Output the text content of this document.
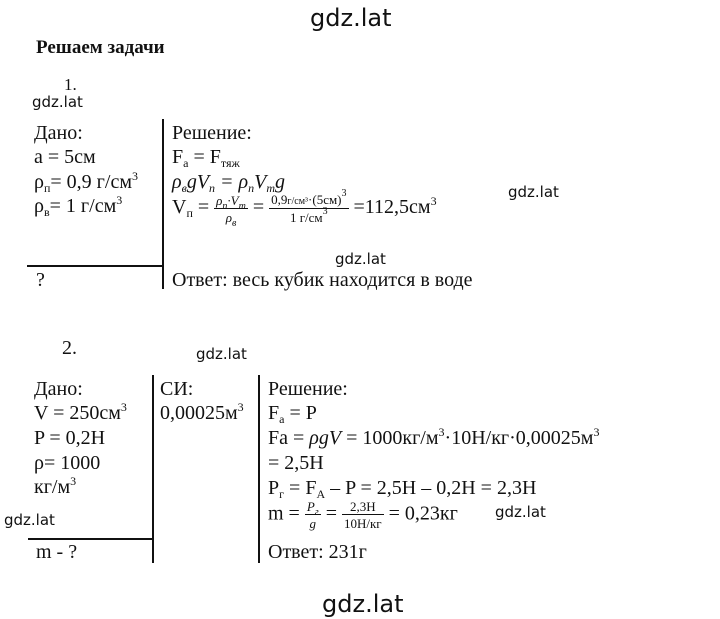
gdz.lat
gdz.lat
gdz.lat
gdz.lat
gdz.lat
gdz.lat	gdz.lat
gdz.lat
Решаем задачи
1.
Дано:
а = 5см
$\rho_п= 0,9$ $г/см^3$
$\rho_в= 1$ $г/см^3$
?
Решение:
$F_а = F_{тяж}$
$\rho_вgV_п = \rho_пV_тg$
$V_п = \frac{\rho_п\cdot V_т}{\rho_в} = \frac{0,9г/см^3\cdot(5см)^3}{1 г/см^3} =112,5см^3$
Ответ: весь кубик находится в воде
2.
Дано:
$V = 250см^3$
P = 0,2Н
ρ= 1000
$кг/м^3$
m - ?
СИ:
$0,00025м^3$
Решение:
$F_а = P$
$Fa = \rho gV = 1000кг/м^3\cdot 10Н/кг\cdot 0,00025м^3$
= 2,5Н
$P_г = F_А - P = 2,5Н - 0,2Н = 2,3Н$
$m = \frac{P_г}{g} = \frac{2,3Н}{10Н/кг} = 0,23кг$
Ответ: 231г
